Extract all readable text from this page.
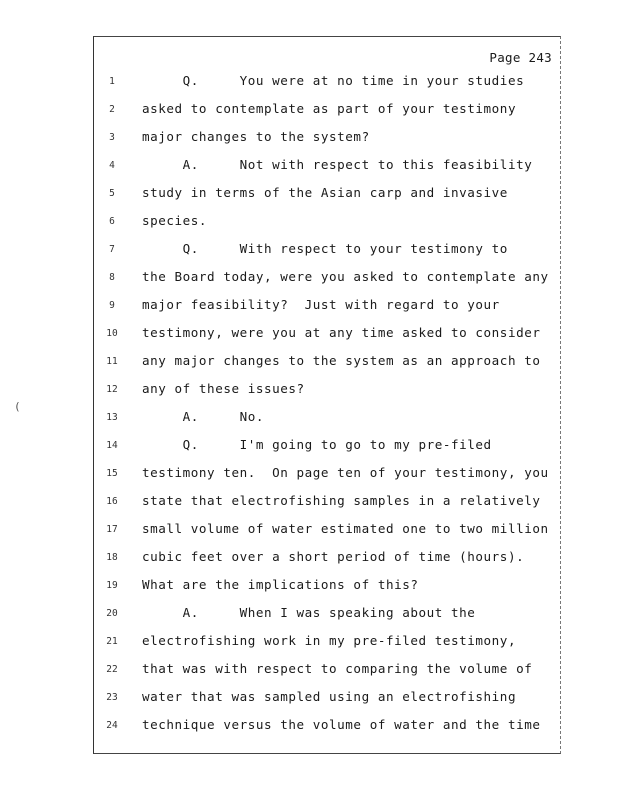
Page 243
1	Q.     You were at no time in your studies
2	asked to contemplate as part of your testimony
3	major changes to the system?
4	A.     Not with respect to this feasibility
5	study in terms of the Asian carp and invasive
6	species.
7	Q.     With respect to your testimony to
8	the Board today, were you asked to contemplate any
9	major feasibility?  Just with regard to your
10	testimony, were you at any time asked to consider
11	any major changes to the system as an approach to
12	any of these issues?
13	A.     No.
14	Q.     I'm going to go to my pre-filed
15	testimony ten.  On page ten of your testimony, you
16	state that electrofishing samples in a relatively
17	small volume of water estimated one to two million
18	cubic feet over a short period of time (hours).
19	What are the implications of this?
20	A.     When I was speaking about the
21	electrofishing work in my pre-filed testimony,
22	that was with respect to comparing the volume of
23	water that was sampled using an electrofishing
24	technique versus the volume of water and the time
(
